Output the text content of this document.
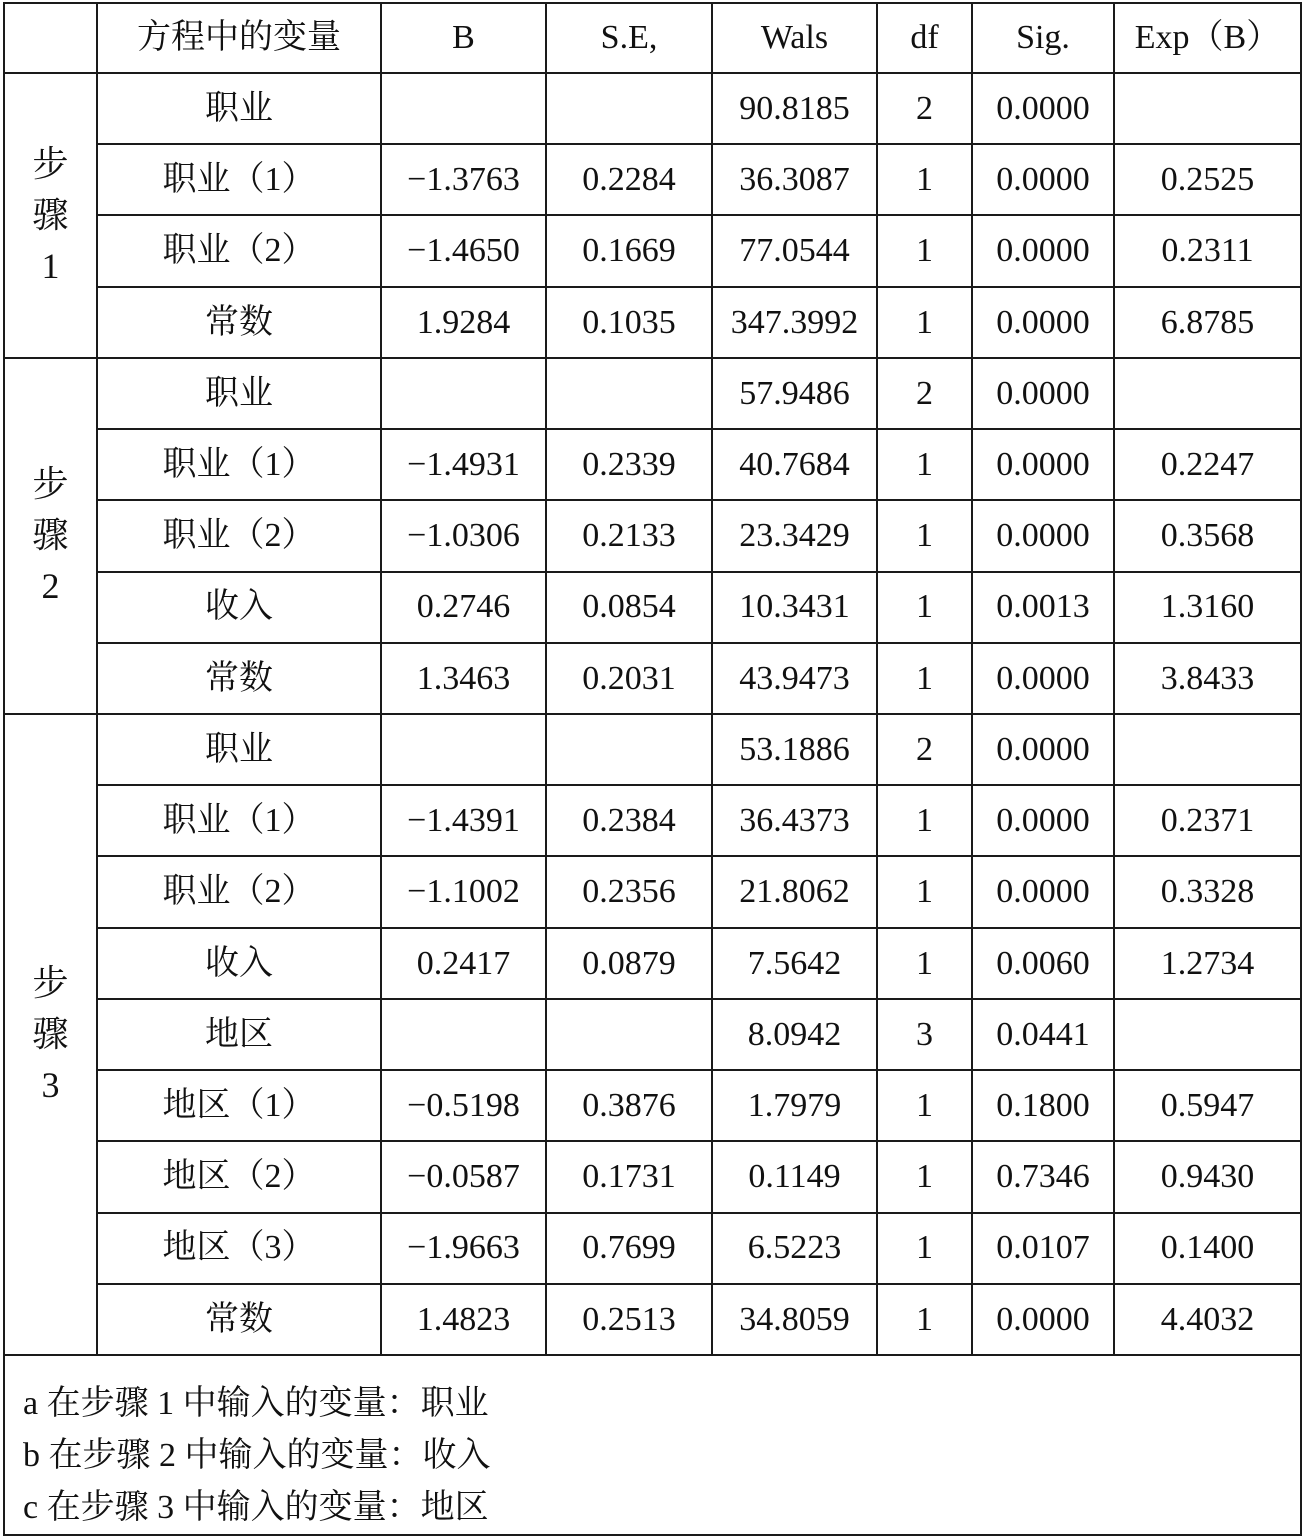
	方程中的变量	B	S.E,	Wals	df	Sig.	Exp（B）
步骤1	职业			90.8185	2	0.0000	
	职业（1）	−1.3763	0.2284	36.3087	1	0.0000	0.2525
	职业（2）	−1.4650	0.1669	77.0544	1	0.0000	0.2311
	常数	1.9284	0.1035	347.3992	1	0.0000	6.8785
步骤2	职业			57.9486	2	0.0000	
	职业（1）	−1.4931	0.2339	40.7684	1	0.0000	0.2247
	职业（2）	−1.0306	0.2133	23.3429	1	0.0000	0.3568
	收入	0.2746	0.0854	10.3431	1	0.0013	1.3160
	常数	1.3463	0.2031	43.9473	1	0.0000	3.8433
步骤3	职业			53.1886	2	0.0000	
	职业（1）	−1.4391	0.2384	36.4373	1	0.0000	0.2371
	职业（2）	−1.1002	0.2356	21.8062	1	0.0000	0.3328
	收入	0.2417	0.0879	7.5642	1	0.0060	1.2734
	地区			8.0942	3	0.0441	
	地区（1）	−0.5198	0.3876	1.7979	1	0.1800	0.5947
	地区（2）	−0.0587	0.1731	0.1149	1	0.7346	0.9430
	地区（3）	−1.9663	0.7699	6.5223	1	0.0107	0.1400
	常数	1.4823	0.2513	34.8059	1	0.0000	4.4032

a 在步骤 1 中输入的变量：职业
b 在步骤 2 中输入的变量：收入
c 在步骤 3 中输入的变量：地区							
